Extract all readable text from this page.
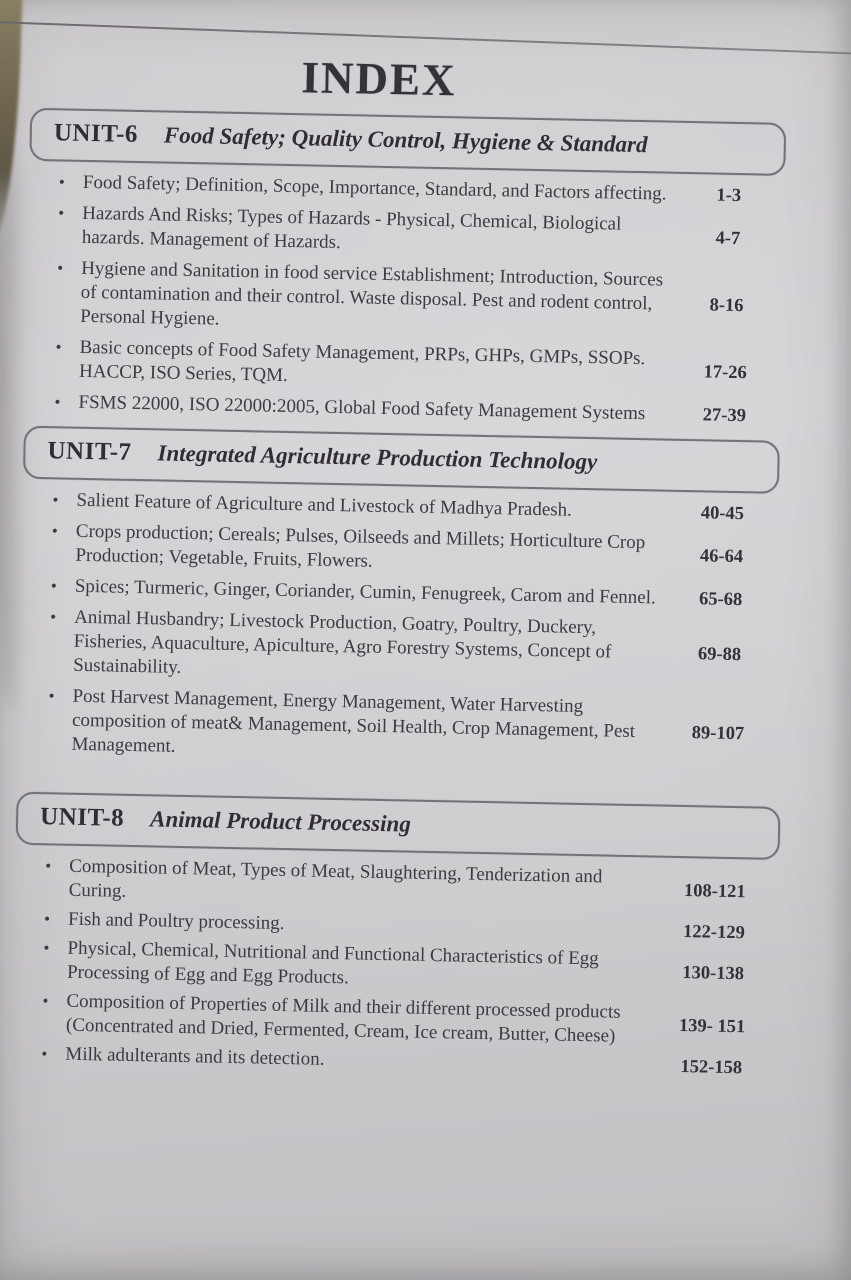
INDEX
UNIT-6 Food Safety; Quality Control, Hygiene & Standard
• Food Safety; Definition, Scope, Importance, Standard, and Factors affecting.	1-3
• Hazards And Risks; Types of Hazards - Physical, Chemical, Biological hazards. Management of Hazards.	4-7
• Hygiene and Sanitation in food service Establishment; Introduction, Sources of contamination and their control. Waste disposal. Pest and rodent control, Personal Hygiene.
8-16
• Basic concepts of Food Safety Management, PRPs, GHPs, GMPs, SSOPs. HACCP, ISO Series, TQM.	17-26
• FSMS 22000, ISO 22000:2005, Global Food Safety Management Systems	27-39
UNIT-7 Integrated Agriculture Production Technology
• Salient Feature of Agriculture and Livestock of Madhya Pradesh.	40-45
• Crops production; Cereals; Pulses, Oilseeds and Millets; Horticulture Crop Production; Vegetable, Fruits, Flowers.	46-64
• Spices; Turmeric, Ginger, Coriander, Cumin, Fenugreek, Carom and Fennel.	65-68
• Animal Husbandry; Livestock Production, Goatry, Poultry, Duckery, Fisheries, Aquaculture, Apiculture, Agro Forestry Systems, Concept of Sustainability.
69-88
• Post Harvest Management, Energy Management, Water Harvesting composition of meat& Management, Soil Health, Crop Management, Pest Management.
89-107
UNIT-8 Animal Product Processing
• Composition of Meat, Types of Meat, Slaughtering, Tenderization and Curing.	108-121
• Fish and Poultry processing.	122-129
• Physical, Chemical, Nutritional and Functional Characteristics of Egg Processing of Egg and Egg Products.	130-138
• Composition of Properties of Milk and their different processed products (Concentrated and Dried, Fermented, Cream, Ice cream, Butter, Cheese)	139- 151
• Milk adulterants and its detection.	152-158
